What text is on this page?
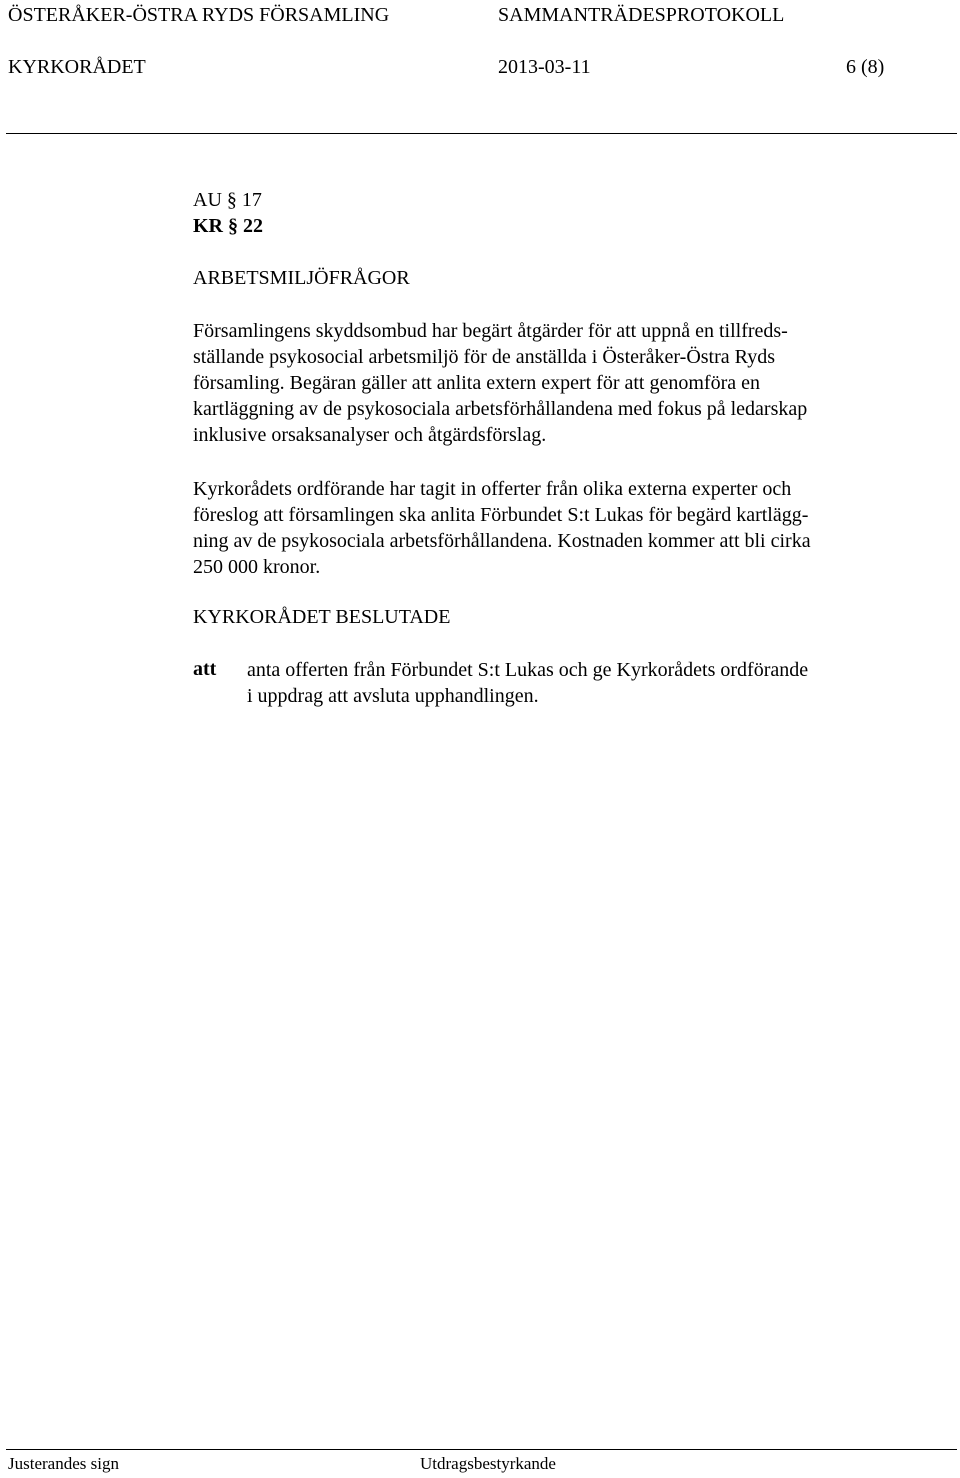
ÖSTERÅKER-ÖSTRA RYDS FÖRSAMLING	SAMMANTRÄDESPROTOKOLL
KYRKORÅDET	2013-03-11	6 (8)
AU § 17
KR § 22
ARBETSMILJÖFRÅGOR
Församlingens skyddsombud har begärt åtgärder för att uppnå en tillfreds-
ställande psykosocial arbetsmiljö för de anställda i Österåker-Östra Ryds
församling. Begäran gäller att anlita extern expert för att genomföra en
kartläggning av de psykosociala arbetsförhållandena med fokus på ledarskap
inklusive orsaksanalyser och åtgärdsförslag.
Kyrkorådets ordförande har tagit in offerter från olika externa experter och
föreslog att församlingen ska anlita Förbundet S:t Lukas för begärd kartlägg-
ning av de psykosociala arbetsförhållandena. Kostnaden kommer att bli cirka
250 000 kronor.
KYRKORÅDET BESLUTADE
att anta offerten från Förbundet S:t Lukas och ge Kyrkorådets ordförande
i uppdrag att avsluta upphandlingen.
Justerandes sign	Utdragsbestyrkande
